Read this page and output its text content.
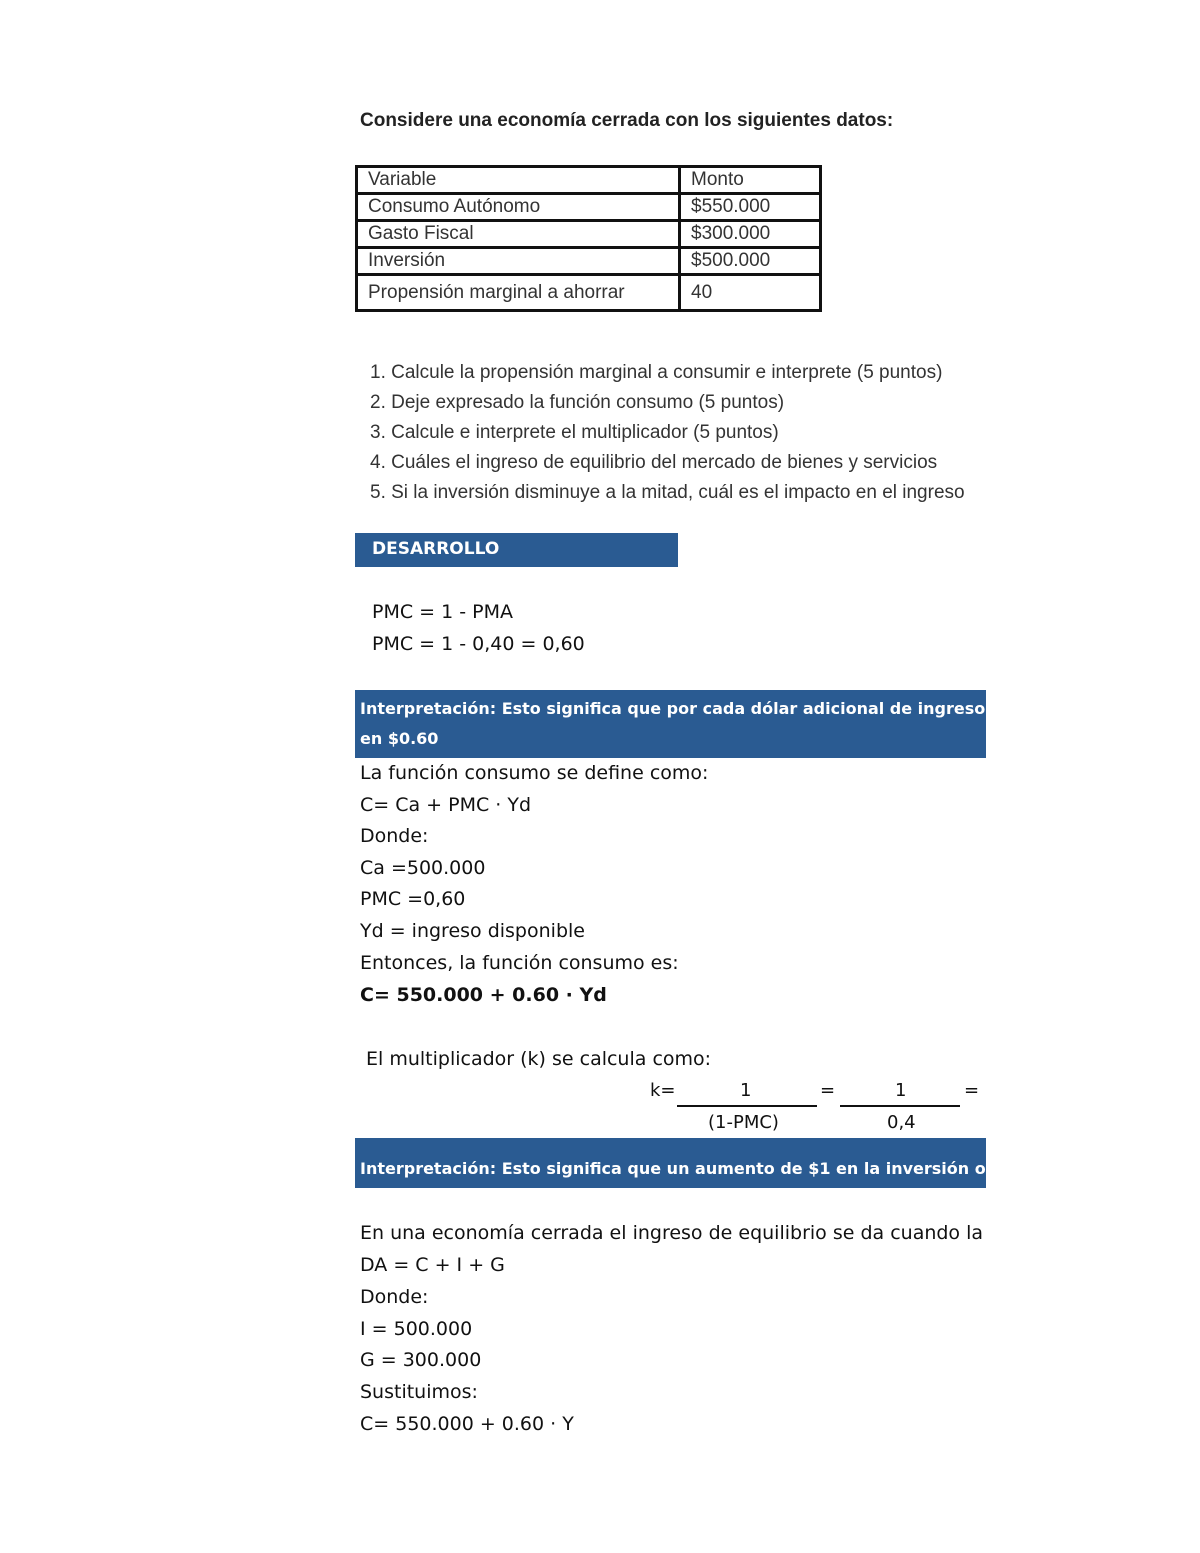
Considere una economía cerrada con los siguientes datos:
Variable	Monto
Consumo Autónomo	$550.000
Gasto Fiscal	$300.000
Inversión	$500.000
Propensión marginal a ahorrar	40
1. Calcule la propensión marginal a consumir e interprete (5 puntos)
2. Deje expresado la función consumo (5 puntos)
3. Calcule e interprete el multiplicador (5 puntos)
4. Cuáles el ingreso de equilibrio del mercado de bienes y servicios
5. Si la inversión disminuye a la mitad, cuál es el impacto en el ingreso
DESARROLLO
PMC = 1 - PMA
PMC = 1 - 0,40 = 0,60
Interpretación: Esto significa que por cada dólar adicional de ingreso
en $0.60
La función consumo se define como:
C= Ca + PMC · Yd
Donde:
Ca =500.000
PMC =0,60
Yd = ingreso disponible
Entonces, la función consumo es:
C= 550.000 + 0.60 · Yd
El multiplicador (k) se calcula como:
k=	1
(1-PMC)
=	1
0,4
=
Interpretación: Esto significa que un aumento de $1 en la inversión o
En una economía cerrada el ingreso de equilibrio se da cuando la
DA = C + I + G
Donde:
I = 500.000
G = 300.000
Sustituimos:
C= 550.000 + 0.60 · Y
